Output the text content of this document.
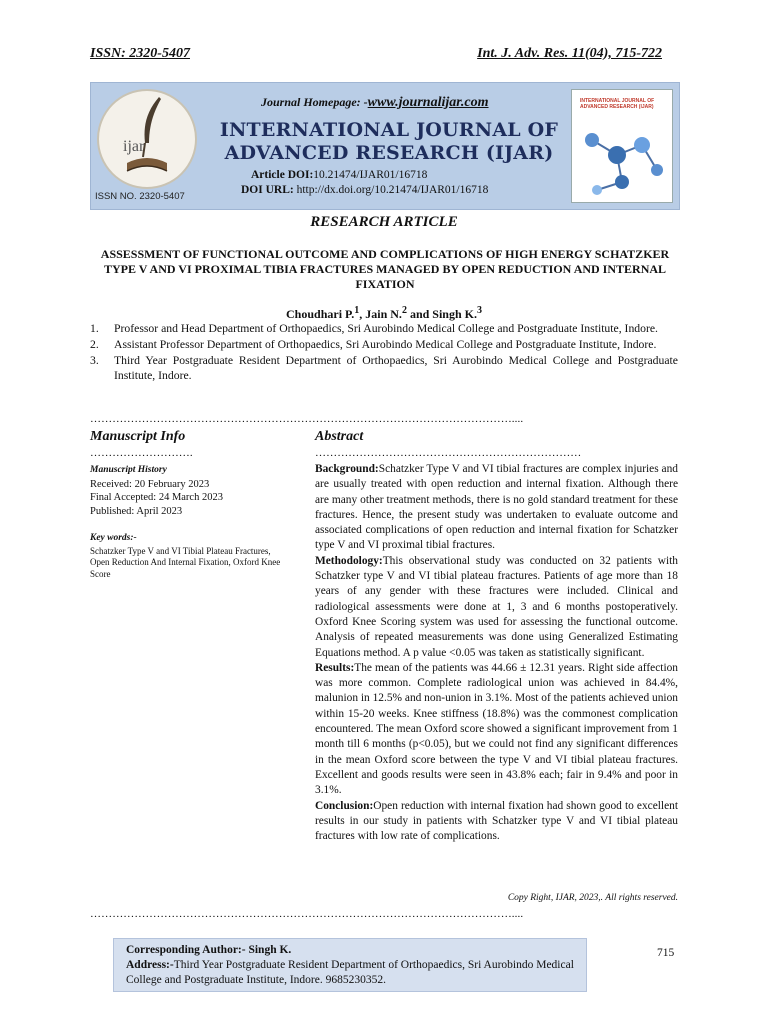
ISSN: 2320-5407	Int. J. Adv. Res. 11(04), 715-722
ijar
ISSN NO. 2320-5407
Journal Homepage: -www.journalijar.com
INTERNATIONAL JOURNAL OF ADVANCED RESEARCH (IJAR)
Article DOI:10.21474/IJAR01/16718
DOI URL: http://dx.doi.org/10.21474/IJAR01/16718
INTERNATIONAL JOURNAL OF ADVANCED RESEARCH (IJAR)
RESEARCH ARTICLE
ASSESSMENT OF FUNCTIONAL OUTCOME AND COMPLICATIONS OF HIGH ENERGY SCHATZKER TYPE V AND VI PROXIMAL TIBIA FRACTURES MANAGED BY OPEN REDUCTION AND INTERNAL FIXATION
Choudhari P.$^1$, Jain N.$^2$ and Singh K.$^3$
1.	Professor and Head Department of Orthopaedics, Sri Aurobindo Medical College and Postgraduate Institute, Indore.
2.	Assistant Professor Department of Orthopaedics, Sri Aurobindo Medical College and Postgraduate Institute, Indore.
3.	Third Year Postgraduate Resident Department of Orthopaedics, Sri Aurobindo Medical College and Postgraduate Institute, Indore.
……………………………………………………………………………………………………....
Manuscript Info
……………………….
Manuscript History
Received: 20 February 2023
Final Accepted: 24 March 2023
Published: April 2023
Key words:-
Schatzker Type V and VI Tibial Plateau Fractures, Open Reduction And Internal Fixation, Oxford Knee Score
Abstract
………………………………………………………………

Background:Schatzker Type V and VI tibial fractures are complex injuries and are usually treated with open reduction and internal fixation. Although there are many other treatment methods, there is no gold standard treatment for these fractures. Hence, the present study was undertaken to evaluate outcome and associated complications of open reduction and internal fixation for Schatzker type V and VI proximal tibial fractures.

Methodology:This observational study was conducted on 32 patients with Schatzker type V and VI tibial plateau fractures. Patients of age more than 18 years of any gender with these fractures were included. Clinical and radiological assessments were done at 1, 3 and 6 months postoperatively. Oxford Knee Scoring system was used for assessing the functional outcome. Analysis of repeated measurements was done using Generalized Estimating Equations method. A p value <0.05 was taken as statistically significant.

Results:The mean of the patients was 44.66 ± 12.31 years. Right side affection was more common. Complete radiological union was achieved in 84.4%, malunion in 12.5% and non-union in 3.1%. Most of the patients achieved union within 15-20 weeks. Knee stiffness (18.8%) was the commonest complication encountered. The mean Oxford score showed a significant improvement from 1 month till 6 months (p<0.05), but we could not find any significant differences in the mean Oxford score between the type V and VI tibial plateau fractures. Excellent and goods results were seen in 43.8% each; fair in 9.4% and poor in 3.1%.

Conclusion:Open reduction with internal fixation had shown good to excellent results in our study in patients with Schatzker type V and VI tibial plateau fractures with low rate of complications.

Copy Right, IJAR, 2023,. All rights reserved.
……………………………………………………………………………………………………....
Corresponding Author:- Singh K.
Address:-Third Year Postgraduate Resident Department of Orthopaedics, Sri Aurobindo Medical College and Postgraduate Institute, Indore. 9685230352.
715
